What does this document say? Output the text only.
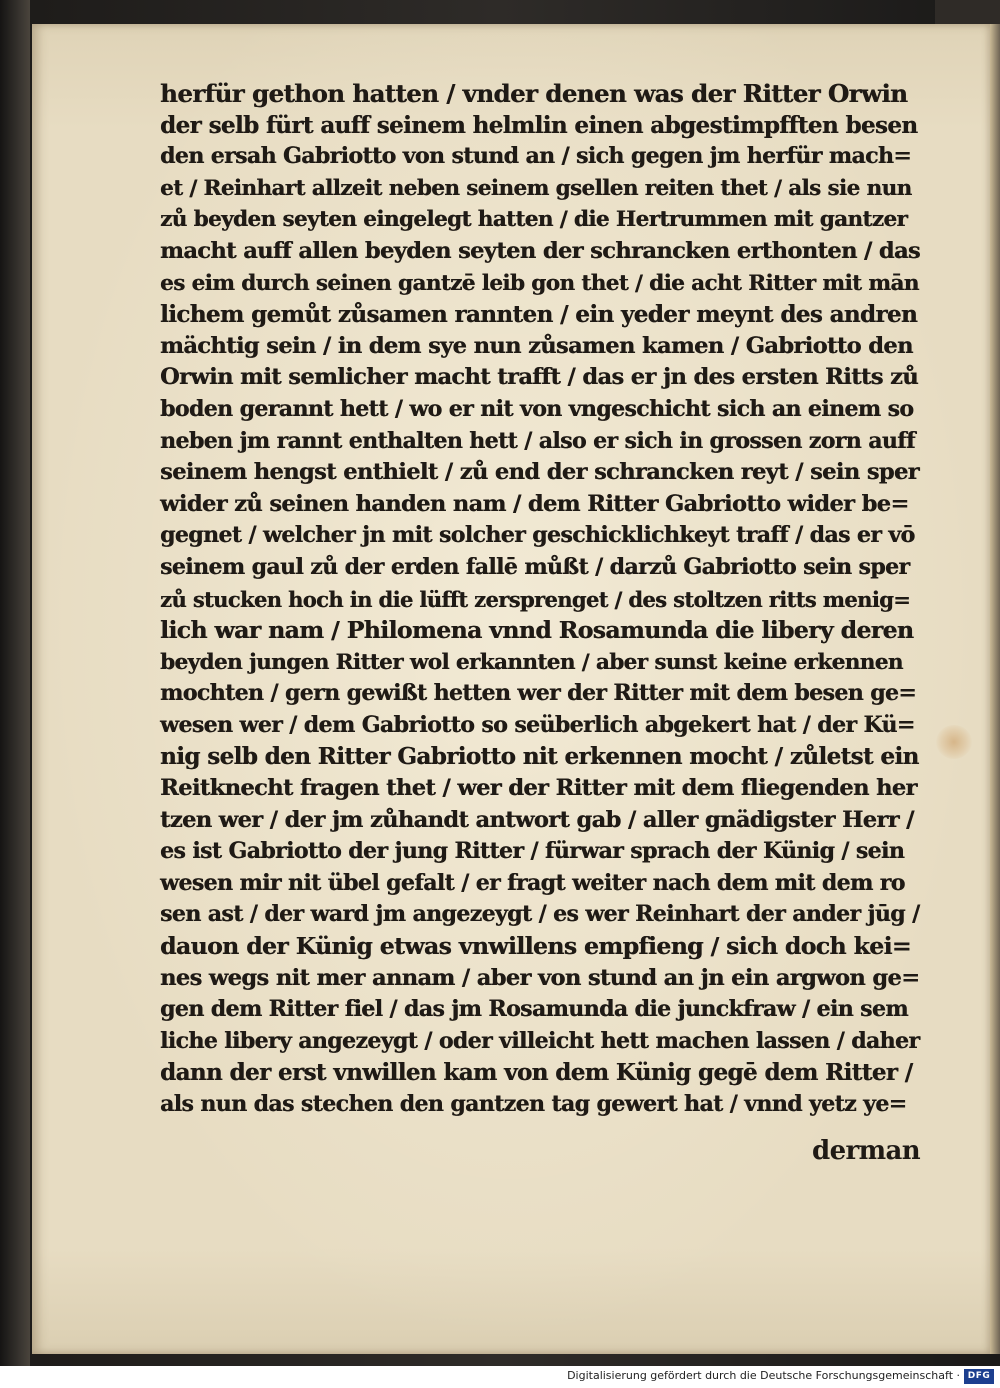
herfür gethon hatten / vnder denen was der Ritter Orwin
der selb fürt auff seinem helmlin einen abgestimpfften besen
den ersah Gabriotto von stund an / sich gegen jm herfür mach=
et / Reinhart allzeit neben seinem gsellen reiten thet / als sie nun
zů beyden seyten eingelegt hatten / die Hertrummen mit gantzer
macht auff allen beyden seyten der schrancken erthonten / das
es eim durch seinen gantzē leib gon thet / die acht Ritter mit mān
lichem gemůt zůsamen rannten / ein yeder meynt des andren
mächtig sein / in dem sye nun zůsamen kamen / Gabriotto den
Orwin mit semlicher macht trafft / das er jn des ersten Ritts zů
boden gerannt hett / wo er nit von vngeschicht sich an einem so
neben jm rannt enthalten hett / also er sich in grossen zorn auff
seinem hengst enthielt / zů end der schrancken reyt / sein sper
wider zů seinen handen nam / dem Ritter Gabriotto wider be=
gegnet / welcher jn mit solcher geschicklichkeyt traff / das er vō
seinem gaul zů der erden fallē můßt / darzů Gabriotto sein sper
zů stucken hoch in die lüfft zersprenget / des stoltzen ritts menig=
lich war nam / Philomena vnnd Rosamunda die libery deren
beyden jungen Ritter wol erkannten / aber sunst keine erkennen
mochten / gern gewißt hetten wer der Ritter mit dem besen ge=
wesen wer / dem Gabriotto so seüberlich abgekert hat / der Kü=
nig selb den Ritter Gabriotto nit erkennen mocht / zůletst ein
Reitknecht fragen thet / wer der Ritter mit dem fliegenden her
tzen wer / der jm zůhandt antwort gab / aller gnädigster Herr /
es ist Gabriotto der jung Ritter / fürwar sprach der Künig / sein
wesen mir nit übel gefalt / er fragt weiter nach dem mit dem ro
sen ast / der ward jm angezeygt / es wer Reinhart der ander jūg /
dauon der Künig etwas vnwillens empfieng / sich doch kei=
nes wegs nit mer annam / aber von stund an jn ein argwon ge=
gen dem Ritter fiel / das jm Rosamunda die junckfraw / ein sem
liche libery angezeygt / oder villeicht hett machen lassen / daher
dann der erst vnwillen kam von dem Künig gegē dem Ritter /
als nun das stechen den gantzen tag gewert hat / vnnd yetz ye=
derman
Digitalisierung gefördert durch die Deutsche Forschungsgemeinschaft · DFG
